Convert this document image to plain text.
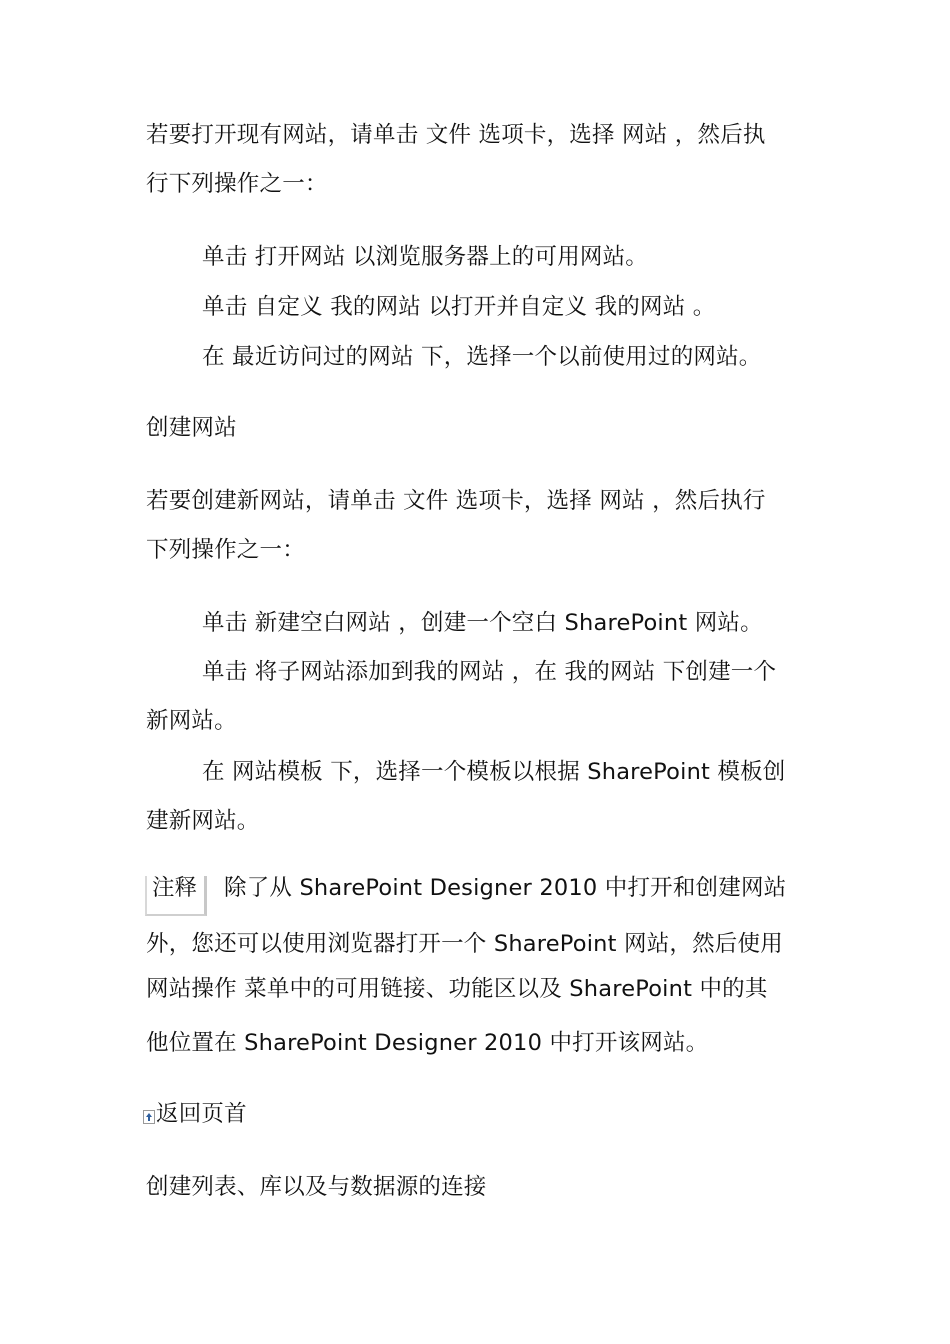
若要打开现有网站，请单击 文件 选项卡，选择 网站 ，然后执
行下列操作之一：
单击 打开网站 以浏览服务器上的可用网站。
单击 自定义 我的网站 以打开并自定义 我的网站 。
在 最近访问过的网站 下，选择一个以前使用过的网站。
创建网站
若要创建新网站，请单击 文件 选项卡，选择 网站 ，然后执行
下列操作之一：
单击 新建空白网站 ，创建一个空白 SharePoint 网站。
单击 将子网站添加到我的网站 ，在 我的网站 下创建一个
新网站。
在 网站模板 下，选择一个模板以根据 SharePoint 模板创
建新网站。
注释 除了从 SharePoint Designer 2010 中打开和创建网站
外，您还可以使用浏览器打开一个 SharePoint 网站，然后使用
网站操作 菜单中的可用链接、功能区以及 SharePoint 中的其
他位置在 SharePoint Designer 2010 中打开该网站。
返回页首
创建列表、库以及与数据源的连接
